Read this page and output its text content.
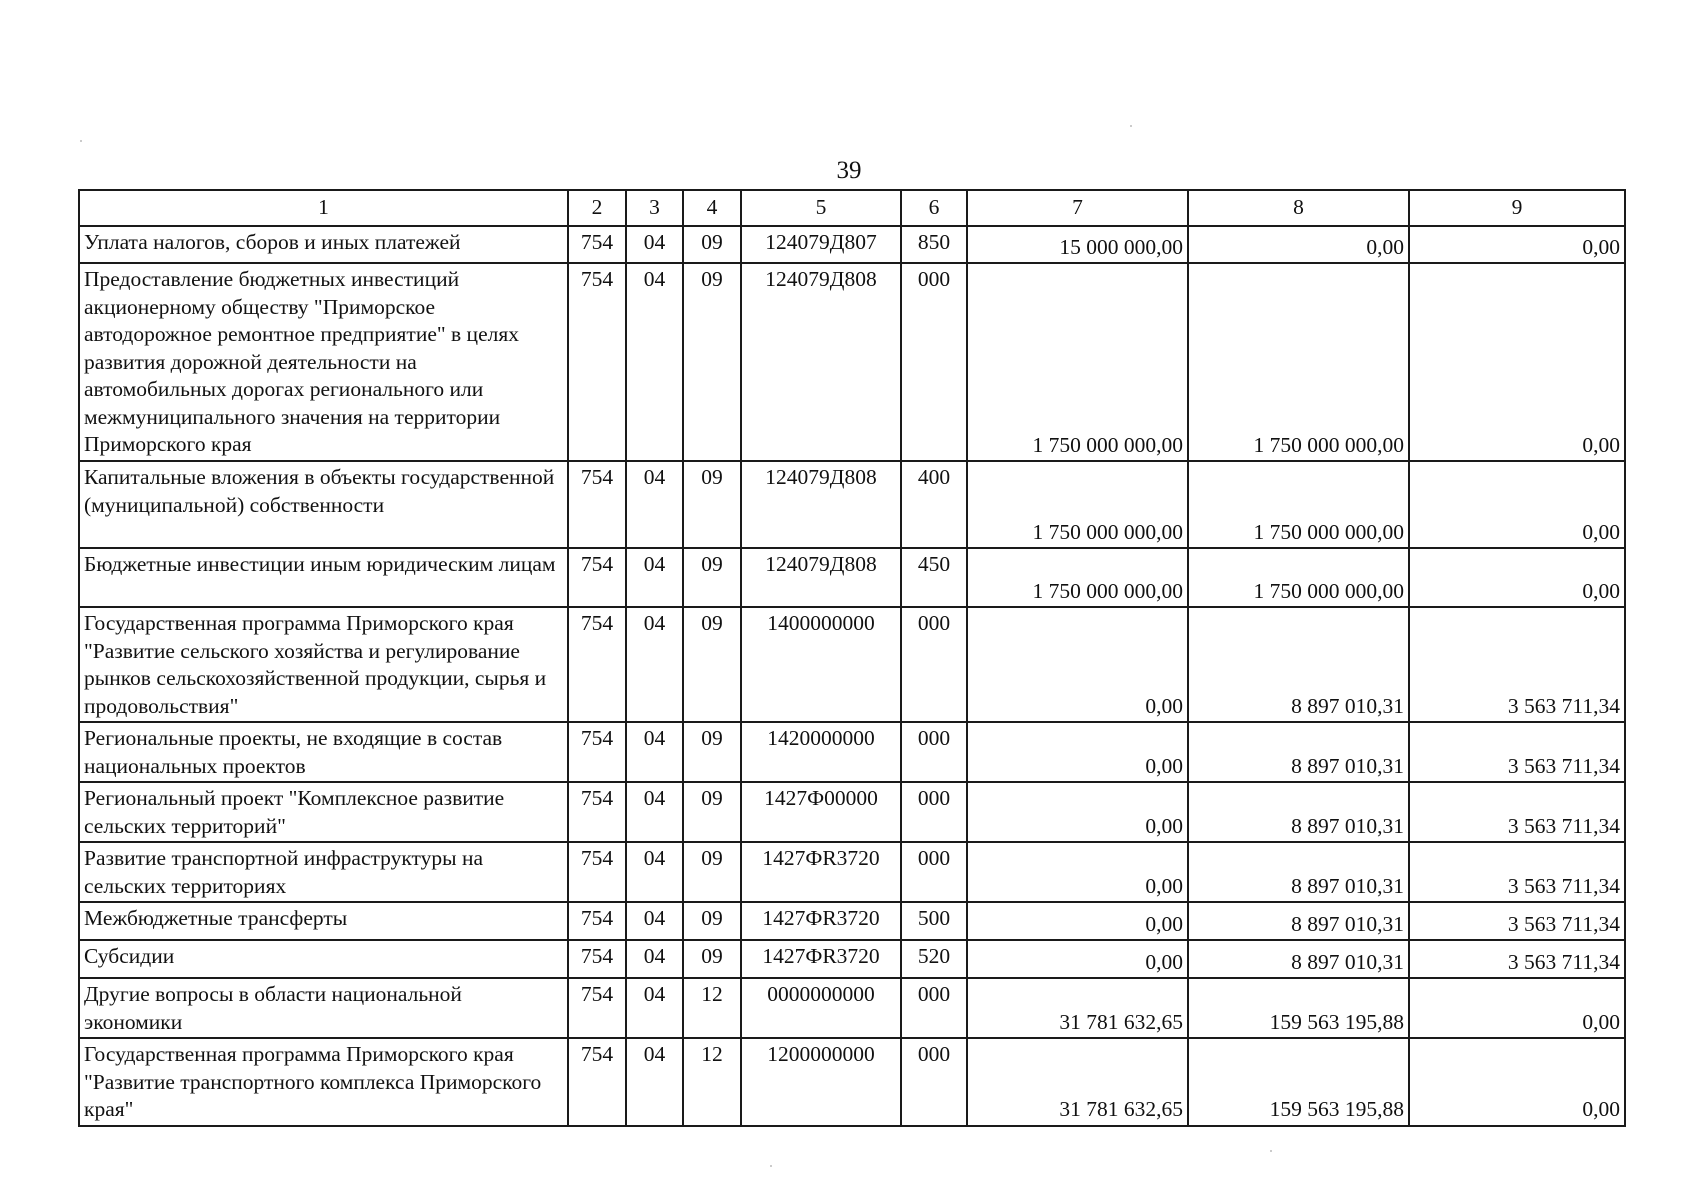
39
1	2	3	4	5	6	7	8	9
Уплата налогов, сборов и иных платежей	754	04	09	124079Д807	850	15 000 000,00	0,00	0,00
Предоставление бюджетных инвестиций акционерному обществу "Приморское автодорожное ремонтное предприятие" в целях развития дорожной деятельности на автомобильных дорогах регионального или межмуниципального значения на территории Приморского края	754	04	09	124079Д808	000	1 750 000 000,00	1 750 000 000,00	0,00
Капитальные вложения в объекты государственной (муниципальной) собственности	754	04	09	124079Д808	400	1 750 000 000,00	1 750 000 000,00	0,00
Бюджетные инвестиции иным юридическим лицам	754	04	09	124079Д808	450	1 750 000 000,00	1 750 000 000,00	0,00
Государственная программа Приморского края "Развитие сельского хозяйства и регулирование рынков сельскохозяйственной продукции, сырья и продовольствия"	754	04	09	1400000000	000	0,00	8 897 010,31	3 563 711,34
Региональные проекты, не входящие в состав национальных проектов	754	04	09	1420000000	000	0,00	8 897 010,31	3 563 711,34
Региональный проект "Комплексное развитие сельских территорий"	754	04	09	1427Ф00000	000	0,00	8 897 010,31	3 563 711,34
Развитие транспортной инфраструктуры на сельских территориях	754	04	09	1427ФR3720	000	0,00	8 897 010,31	3 563 711,34
Межбюджетные трансферты	754	04	09	1427ФR3720	500	0,00	8 897 010,31	3 563 711,34
Субсидии	754	04	09	1427ФR3720	520	0,00	8 897 010,31	3 563 711,34
Другие вопросы в области национальной экономики	754	04	12	0000000000	000	31 781 632,65	159 563 195,88	0,00
Государственная программа Приморского края "Развитие транспортного комплекса Приморского края"	754	04	12	1200000000	000	31 781 632,65	159 563 195,88	0,00
